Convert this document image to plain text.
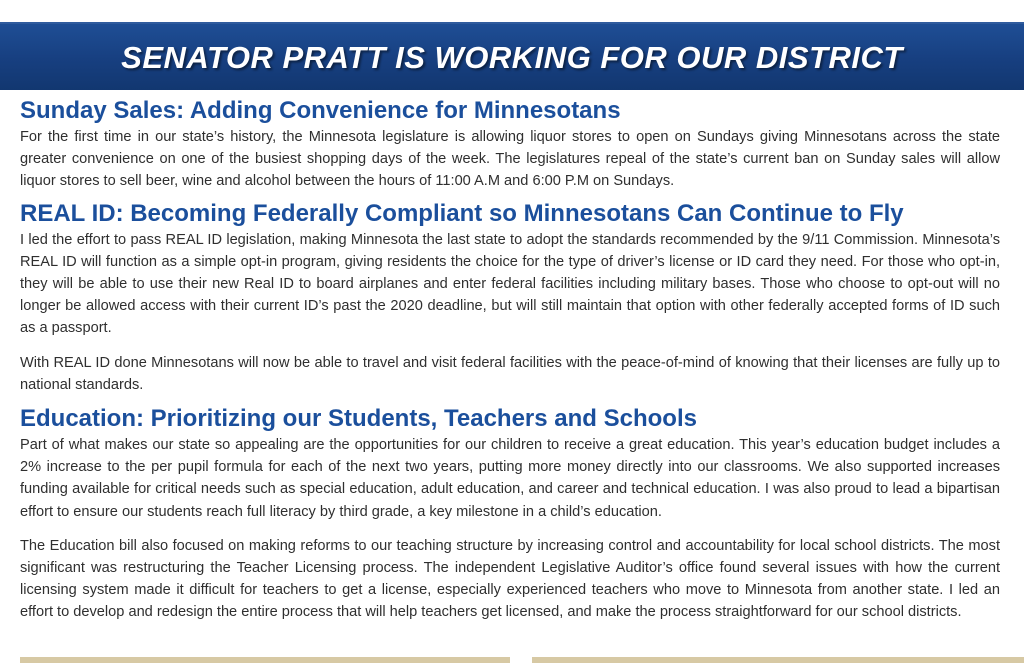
SENATOR PRATT IS WORKING FOR OUR DISTRICT
Sunday Sales: Adding Convenience for Minnesotans

For the first time in our state’s history, the Minnesota legislature is allowing liquor stores to open on Sundays giving Minnesotans across the state greater convenience on one of the busiest shopping days of the week. The legislatures repeal of the state’s current ban on Sunday sales will allow liquor stores to sell beer, wine and alcohol between the hours of 11:00 A.M and 6:00 P.M on Sundays.

REAL ID: Becoming Federally Compliant so Minnesotans Can Continue to Fly

I led the effort to pass REAL ID legislation, making Minnesota the last state to adopt the standards recommended by the 9/11 Commission. Minnesota’s REAL ID will function as a simple opt-in program, giving residents the choice for the type of driver’s license or ID card they need. For those who opt-in, they will be able to use their new Real ID to board airplanes and enter federal facilities including military bases. Those who choose to opt-out will no longer be allowed access with their current ID’s past the 2020 deadline, but will still maintain that option with other federally accepted forms of ID such as a passport.

With REAL ID done Minnesotans will now be able to travel and visit federal facilities with the peace-of-mind of knowing that their licenses are fully up to national standards.

Education: Prioritizing our Students, Teachers and Schools

Part of what makes our state so appealing are the opportunities for our children to receive a great education. This year’s education budget includes a 2% increase to the per pupil formula for each of the next two years, putting more money directly into our classrooms. We also supported increases funding available for critical needs such as special education, adult education, and career and technical education. I was also proud to lead a bipartisan effort to ensure our students reach full literacy by third grade, a key milestone in a child’s education.

The Education bill also focused on making reforms to our teaching structure by increasing control and accountability for local school districts. The most significant was restructuring the Teacher Licensing process. The independent Legislative Auditor’s office found several issues with how the current licensing system made it difficult for teachers to get a license, especially experienced teachers who move to Minnesota from another state. I led an effort to develop and redesign the entire process that will help teachers get licensed, and make the process straightforward for our school districts.
